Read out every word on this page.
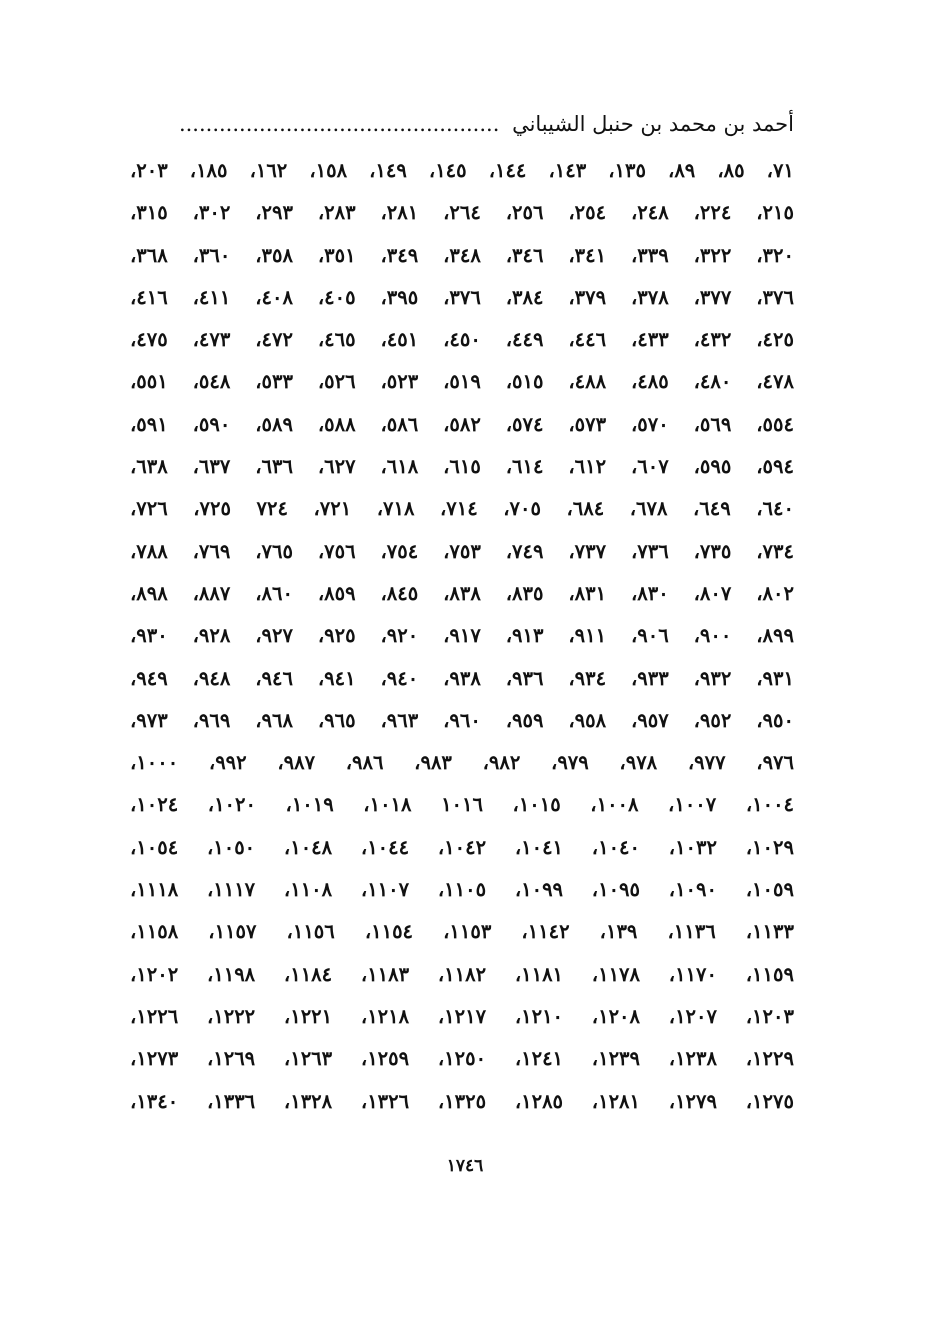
أحمد بن محمد بن حنبل الشيباني ................................................
٧١، ٨٥، ٨٩، ١٣٥، ١٤٣، ١٤٤، ١٤٥، ١٤٩، ١٥٨، ١٦٢، ١٨٥، ٢٠٣،
٢١٥، ٢٢٤، ٢٤٨، ٢٥٤، ٢٥٦، ٢٦٤، ٢٨١، ٢٨٣، ٢٩٣، ٣٠٢، ٣١٥،
٣٢٠، ٣٢٢، ٣٣٩، ٣٤١، ٣٤٦، ٣٤٨، ٣٤٩، ٣٥١، ٣٥٨، ٣٦٠، ٣٦٨،
٣٧٦، ٣٧٧، ٣٧٨، ٣٧٩، ٣٨٤، ٣٧٦، ٣٩٥، ٤٠٥، ٤٠٨، ٤١١، ٤١٦،
٤٢٥، ٤٣٢، ٤٣٣، ٤٤٦، ٤٤٩، ٤٥٠، ٤٥١، ٤٦٥، ٤٧٢، ٤٧٣، ٤٧٥،
٤٧٨، ٤٨٠، ٤٨٥، ٤٨٨، ٥١٥، ٥١٩، ٥٢٣، ٥٢٦، ٥٣٣، ٥٤٨، ٥٥١،
٥٥٤، ٥٦٩، ٥٧٠، ٥٧٣، ٥٧٤، ٥٨٢، ٥٨٦، ٥٨٨، ٥٨٩، ٥٩٠، ٥٩١،
٥٩٤، ٥٩٥، ٦٠٧، ٦١٢، ٦١٤، ٦١٥، ٦١٨، ٦٢٧، ٦٣٦، ٦٣٧، ٦٣٨،
٦٤٠، ٦٤٩، ٦٧٨، ٦٨٤، ٧٠٥، ٧١٤، ٧١٨، ٧٢١، ٧٢٤ ٧٢٥، ٧٢٦،
٧٣٤، ٧٣٥، ٧٣٦، ٧٣٧، ٧٤٩، ٧٥٣، ٧٥٤، ٧٥٦، ٧٦٥، ٧٦٩، ٧٨٨،
٨٠٢، ٨٠٧، ٨٣٠، ٨٣١، ٨٣٥، ٨٣٨، ٨٤٥، ٨٥٩، ٨٦٠، ٨٨٧، ٨٩٨،
٨٩٩، ٩٠٠، ٩٠٦، ٩١١، ٩١٣، ٩١٧، ٩٢٠، ٩٢٥، ٩٢٧، ٩٢٨، ٩٣٠،
٩٣١، ٩٣٢، ٩٣٣، ٩٣٤، ٩٣٦، ٩٣٨، ٩٤٠، ٩٤١، ٩٤٦، ٩٤٨، ٩٤٩،
٩٥٠، ٩٥٢، ٩٥٧، ٩٥٨، ٩٥٩، ٩٦٠، ٩٦٣، ٩٦٥، ٩٦٨، ٩٦٩، ٩٧٣،
٩٧٦، ٩٧٧، ٩٧٨، ٩٧٩، ٩٨٢، ٩٨٣، ٩٨٦، ٩٨٧، ٩٩٢، ١٠٠٠،
١٠٠٤، ١٠٠٧، ١٠٠٨، ١٠١٥، ١٠١٦ ١٠١٨، ١٠١٩، ١٠٢٠، ١٠٢٤،
١٠٢٩، ١٠٣٢، ١٠٤٠، ١٠٤١، ١٠٤٢، ١٠٤٤، ١٠٤٨، ١٠٥٠، ١٠٥٤،
١٠٥٩، ١٠٩٠، ١٠٩٥، ١٠٩٩، ١١٠٥، ١١٠٧، ١١٠٨، ١١١٧، ١١١٨،
١١٣٣، ١١٣٦، ١٣٩، ١١٤٢، ١١٥٣، ١١٥٤، ١١٥٦، ١١٥٧، ١١٥٨،
١١٥٩، ١١٧٠، ١١٧٨، ١١٨١، ١١٨٢، ١١٨٣، ١١٨٤، ١١٩٨، ١٢٠٢،
١٢٠٣، ١٢٠٧، ١٢٠٨، ١٢١٠، ١٢١٧، ١٢١٨، ١٢٢١، ١٢٢٢، ١٢٢٦،
١٢٢٩، ١٢٣٨، ١٢٣٩، ١٢٤١، ١٢٥٠، ١٢٥٩، ١٢٦٣، ١٢٦٩، ١٢٧٣،
١٢٧٥، ١٢٧٩، ١٢٨١، ١٢٨٥، ١٣٢٥، ١٣٢٦، ١٣٢٨، ١٣٣٦، ١٣٤٠،
١٧٤٦
